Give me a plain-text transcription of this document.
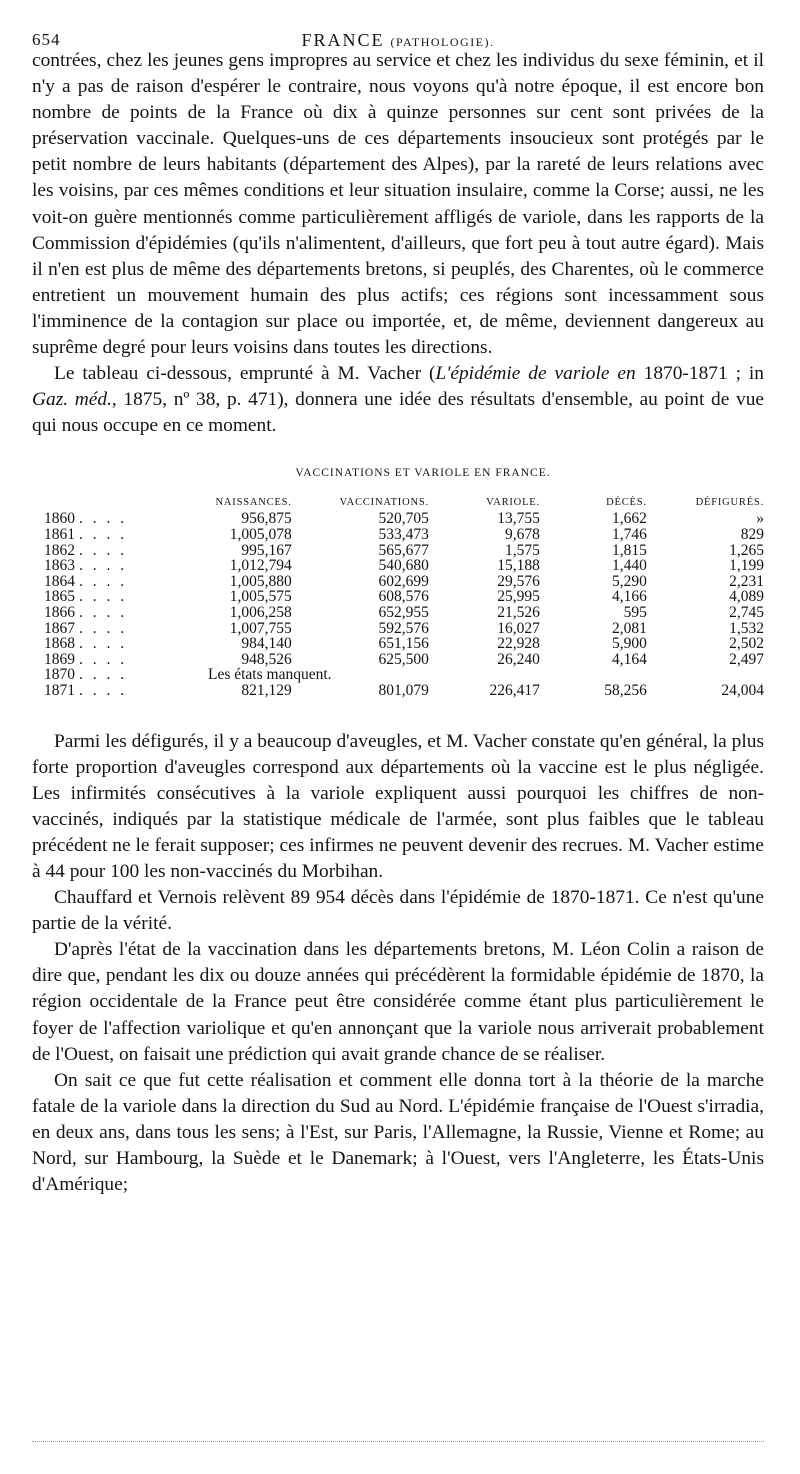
654	FRANCE (PATHOLOGIE).

contrées, chez les jeunes gens impropres au service et chez les individus du sexe féminin, et il n'y a pas de raison d'espérer le contraire, nous voyons qu'à notre époque, il est encore bon nombre de points de la France où dix à quinze personnes sur cent sont privées de la préservation vaccinale. Quelques-uns de ces départements insoucieux sont protégés par le petit nombre de leurs habitants (département des Alpes), par la rareté de leurs relations avec les voisins, par ces mêmes conditions et leur situation insulaire, comme la Corse; aussi, ne les voit-on guère mentionnés comme particulièrement affligés de variole, dans les rapports de la Commission d'épidémies (qu'ils n'alimentent, d'ailleurs, que fort peu à tout autre égard). Mais il n'en est plus de même des départements bretons, si peuplés, des Charentes, où le commerce entretient un mouvement humain des plus actifs; ces régions sont incessamment sous l'imminence de la contagion sur place ou importée, et, de même, deviennent dangereux au suprême degré pour leurs voisins dans toutes les directions.

Le tableau ci-dessous, emprunté à M. Vacher (L'épidémie de variole en 1870-1871 ; in Gaz. méd., 1875, nº 38, p. 471), donnera une idée des résultats d'ensemble, au point de vue qui nous occupe en ce moment.

VACCINATIONS ET VARIOLE EN FRANCE.
	NAISSANCES.	VACCINATIONS.	VARIOLE.	DÉCÈS.	DÉFIGURÉS.
1860 . . . .	956,875	520,705	13,755	1,662	»
1861 . . . .	1,005,078	533,473	9,678	1,746	829
1862 . . . .	995,167	565,677	1,575	1,815	1,265
1863 . . . .	1,012,794	540,680	15,188	1,440	1,199
1864 . . . .	1,005,880	602,699	29,576	5,290	2,231
1865 . . . .	1,005,575	608,576	25,995	4,166	4,089
1866 . . . .	1,006,258	652,955	21,526	595	2,745
1867 . . . .	1,007,755	592,576	16,027	2,081	1,532
1868 . . . .	984,140	651,156	22,928	5,900	2,502
1869 . . . .	948,526	625,500	26,240	4,164	2,497
1870 . . . .	Les états manquent.				
1871 . . . .	821,129	801,079	226,417	58,256	24,004

Parmi les défigurés, il y a beaucoup d'aveugles, et M. Vacher constate qu'en général, la plus forte proportion d'aveugles correspond aux départements où la vaccine est le plus négligée. Les infirmités consécutives à la variole expliquent aussi pourquoi les chiffres de non-vaccinés, indiqués par la statistique médicale de l'armée, sont plus faibles que le tableau précédent ne le ferait supposer; ces infirmes ne peuvent devenir des recrues. M. Vacher estime à 44 pour 100 les non-vaccinés du Morbihan.

Chauffard et Vernois relèvent 89 954 décès dans l'épidémie de 1870-1871. Ce n'est qu'une partie de la vérité.

D'après l'état de la vaccination dans les départements bretons, M. Léon Colin a raison de dire que, pendant les dix ou douze années qui précédèrent la formidable épidémie de 1870, la région occidentale de la France peut être considérée comme étant plus particulièrement le foyer de l'affection variolique et qu'en annonçant que la variole nous arriverait probablement de l'Ouest, on faisait une prédiction qui avait grande chance de se réaliser.

On sait ce que fut cette réalisation et comment elle donna tort à la théorie de la marche fatale de la variole dans la direction du Sud au Nord. L'épidémie française de l'Ouest s'irradia, en deux ans, dans tous les sens; à l'Est, sur Paris, l'Allemagne, la Russie, Vienne et Rome; au Nord, sur Hambourg, la Suède et le Danemark; à l'Ouest, vers l'Angleterre, les États-Unis d'Amérique;
